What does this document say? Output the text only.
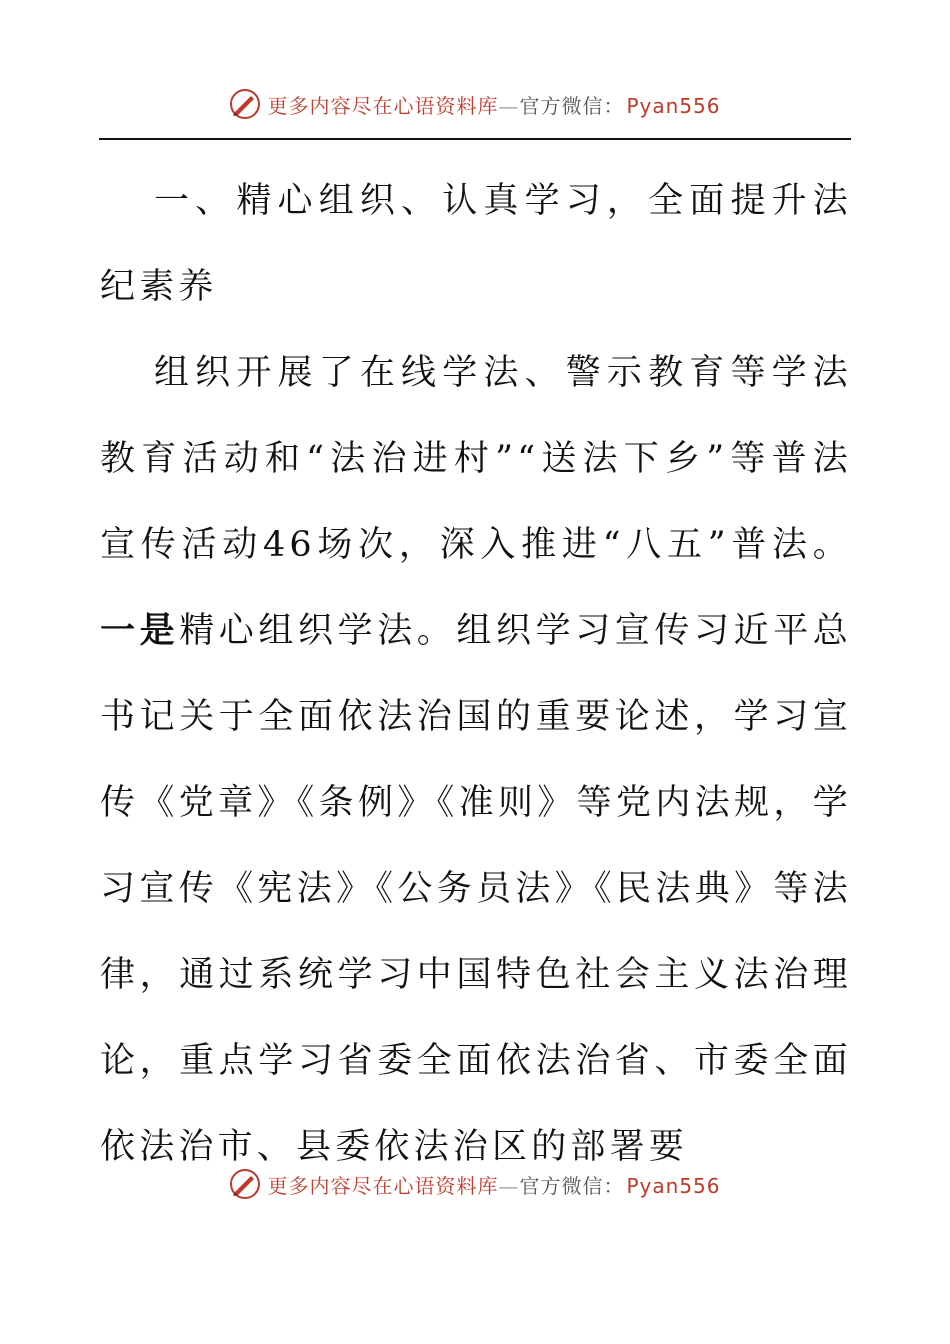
更多内容尽在心语资料库—官方微信： Pyan556

一、精心组织、认真学习，全面提升法纪素养

组织开展了在线学法、警示教育等学法教育活动和“法治进村”“送法下乡”等普法宣传活动46场次，深入推进“八五”普法。一是精心组织学法。组织学习宣传习近平总书记关于全面依法治国的重要论述，学习宣传《党章》《条例》《准则》等党内法规，学习宣传《宪法》《公务员法》《民法典》等法律，通过系统学习中国特色社会主义法治理论，重点学习省委全面依法治省、市委全面依法治市、县委依法治区的部署要

更多内容尽在心语资料库—官方微信： Pyan556
